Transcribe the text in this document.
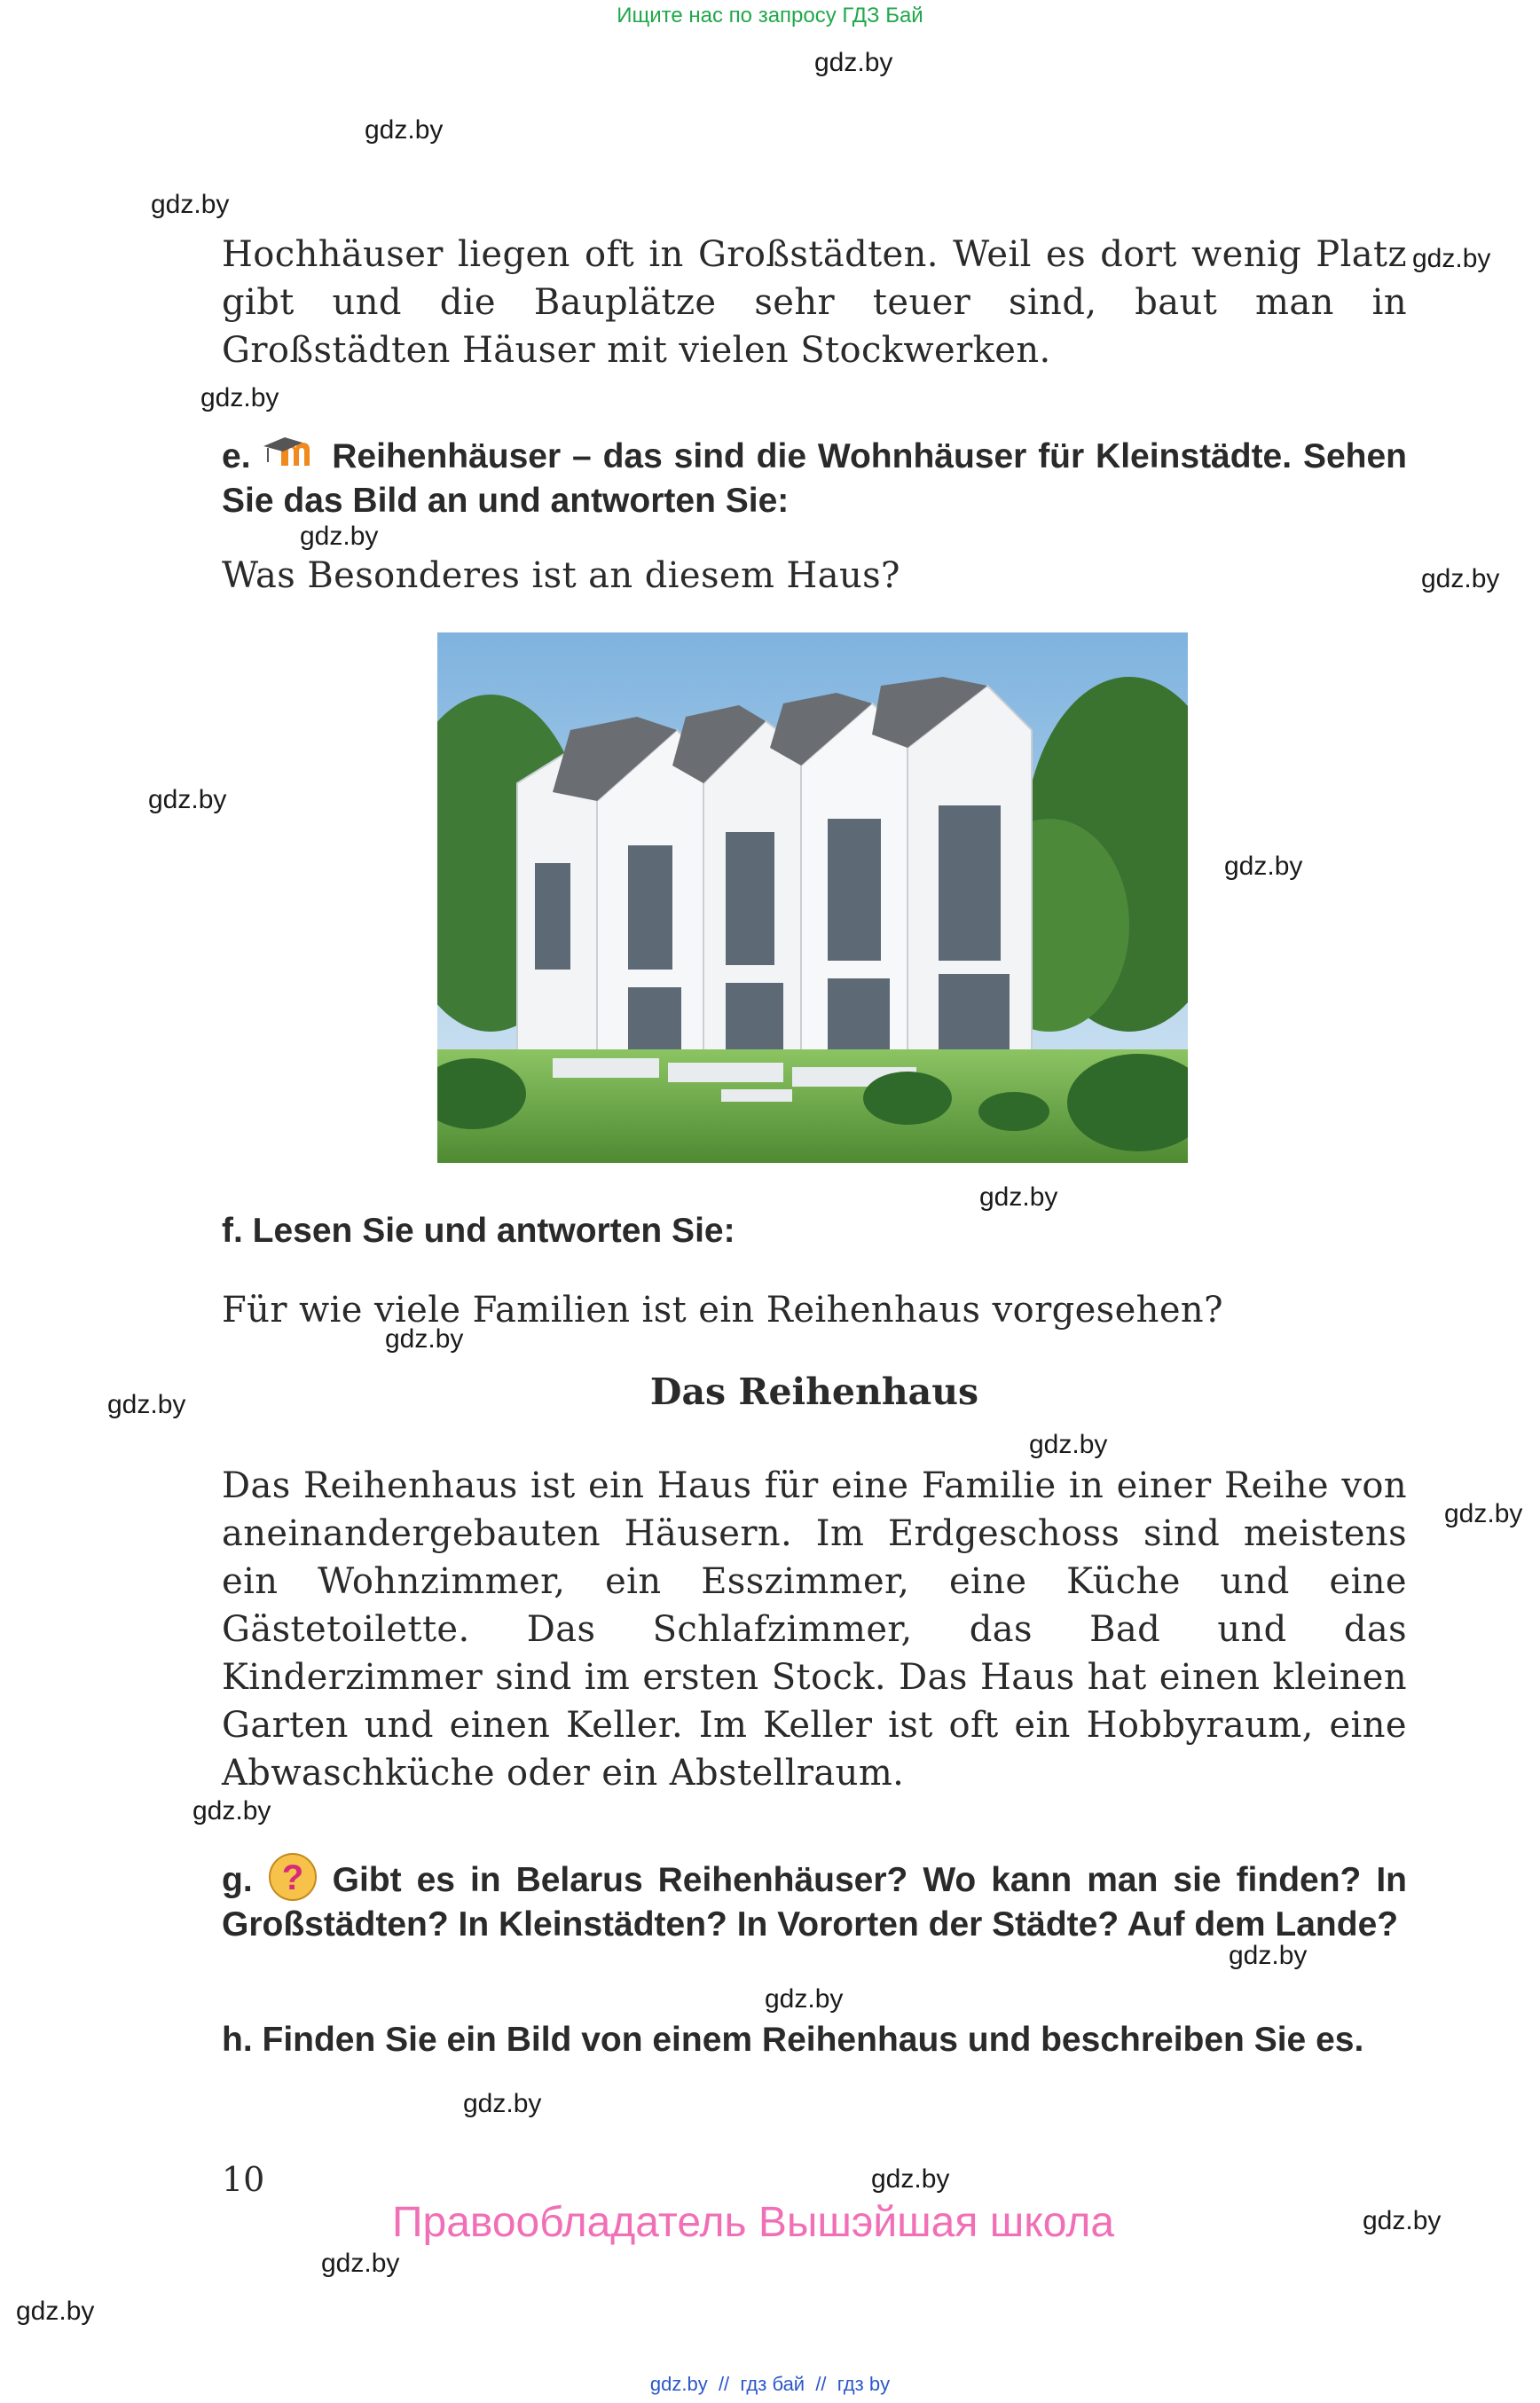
Ищите нас по запросу ГДЗ Бай
gdz.by
gdz.by
gdz.by
gdz.by
gdz.by
gdz.by
gdz.by
gdz.by
gdz.by
gdz.by
gdz.by
gdz.by
gdz.by
gdz.by
gdz.by
gdz.by
gdz.by
gdz.by
gdz.by
gdz.by
gdz.by
gdz.by
Hochhäuser liegen oft in Großstädten. Weil es dort wenig Platz gibt und die Bauplätze sehr teuer sind, baut man in Großstädten Häuser mit vielen Stockwerken.
e. Reihenhäuser – das sind die Wohnhäuser für Kleinstädte. Sehen Sie das Bild an und antworten Sie:
Was Besonderes ist an diesem Haus?
f. Lesen Sie und antworten Sie:
Für wie viele Familien ist ein Reihenhaus vorgesehen?
Das Reihenhaus
Das Reihenhaus ist ein Haus für eine Familie in einer Reihe von aneinandergebauten Häusern. Im Erdgeschoss sind meistens ein Wohnzimmer, ein Esszimmer, eine Küche und eine Gästetoilette. Das Schlafzimmer, das Bad und das Kinderzimmer sind im ersten Stock. Das Haus hat einen kleinen Garten und einen Keller. Im Keller ist oft ein Hobbyraum, eine Abwaschküche oder ein Abstellraum.
g. ? Gibt es in Belarus Reihenhäuser? Wo kann man sie finden? In Großstädten? In Kleinstädten? In Vororten der Städte? Auf dem Lande?
h. Finden Sie ein Bild von einem Reihenhaus und beschreiben Sie es.
10
Правообладатель Вышэйшая школа
gdz.by  //  гдз бай  //  гдз by
